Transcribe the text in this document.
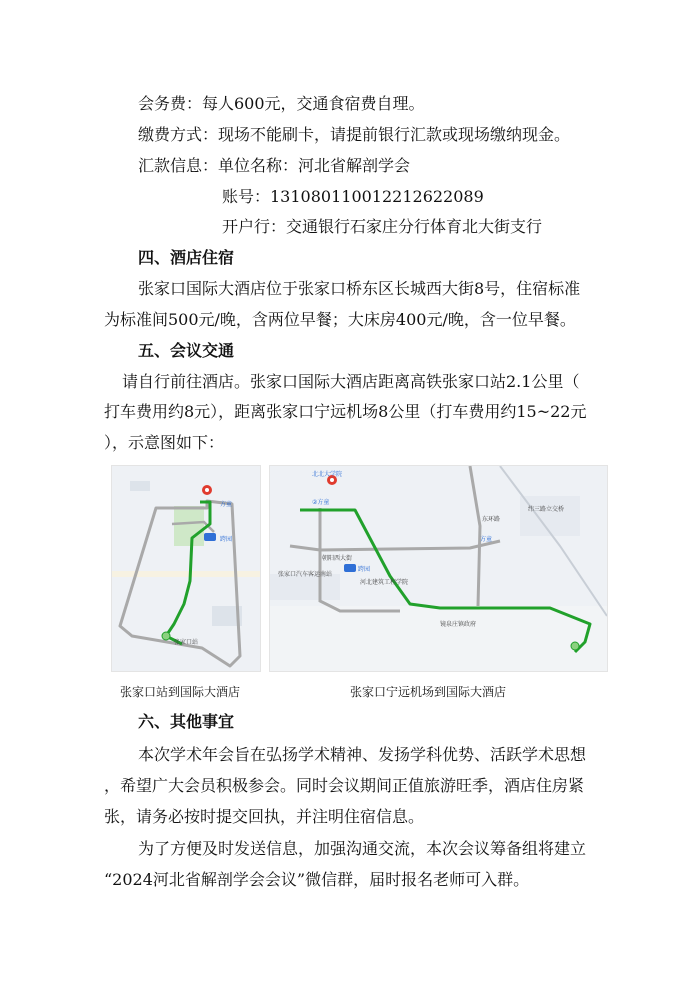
会务费：每人600元，交通食宿费自理。
缴费方式：现场不能刷卡，请提前银行汇款或现场缴纳现金。
汇款信息：单位名称：河北省解剖学会
账号：13108011001221262​2089
开户行：交通银行石家庄分行体育北大街支行
四、酒店住宿
张家口国际大酒店位于张家口桥东区长城西大街8号，住宿标准
为标准间500元/晚，含两位早餐；大床房400元/晚，含一位早餐。
五、会议交通
请自行前往酒店。张家口国际大酒店距离高铁张家口站2.1公里（
打车费用约8元），距离张家口宁远机场8公里（打车费用约15~22元
），示意图如下：
方童
张家口站
跨园
张家口站到国际大酒店
北北大学院
②方童
朝阳西大街
东环路
跨园
河北建筑工程学院
张家口汽车客运南站
纬三路立交桥
镜泉庄镇政府
方童
张家口宁远机场到国际大酒店
六、其他事宜
本次学术年会旨在弘扬学术精神、发扬学科优势、活跃学术思想
，希望广大会员积极参会。同时会议期间正值旅游旺季，酒店住房紧
张，请务必按时提交回执，并注明住宿信息。
为了方便及时发送信息，加强沟通交流，本次会议筹备组将建立
“2024河北省解剖学会会议”微信群，届时报名老师可入群。
